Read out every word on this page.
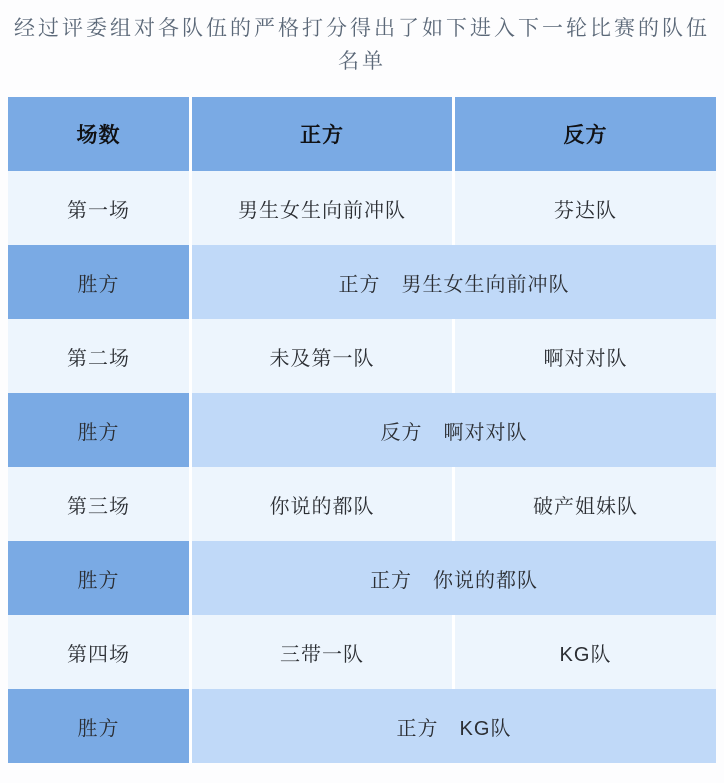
经过评委组对各队伍的严格打分得出了如下进入下一轮比赛的队伍
名单
场数	正方	反方
第一场	男生女生向前冲队	芬达队
胜方	正方　男生女生向前冲队
第二场	未及第一队	啊对对队
胜方	反方　啊对对队
第三场	你说的都队	破产姐妹队
胜方	正方　你说的都队
第四场	三带一队	KG队
胜方	正方　KG队
